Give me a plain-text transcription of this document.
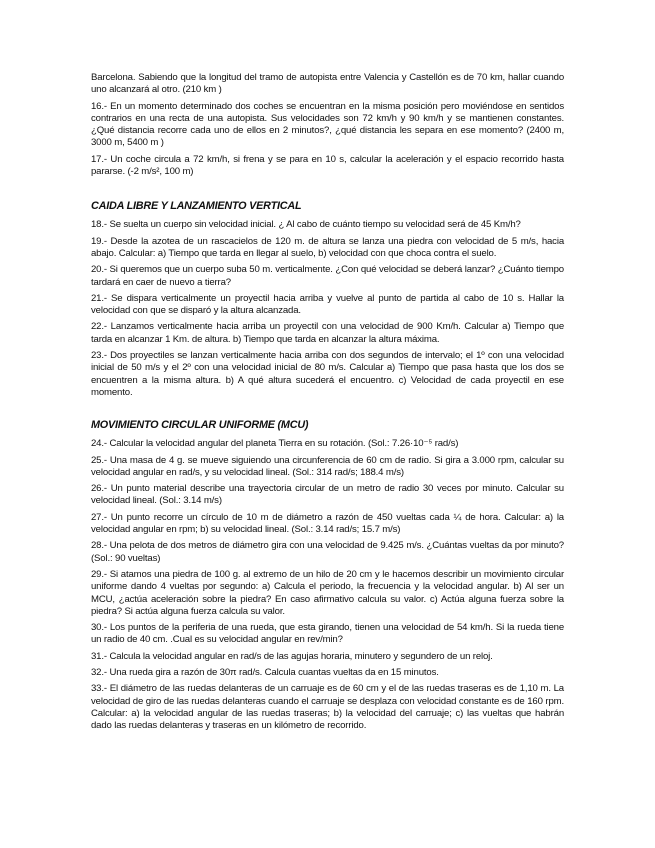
Barcelona. Sabiendo que la longitud del tramo de autopista entre Valencia y Castellón es de 70 km, hallar cuando uno alcanzará al otro. (210 km )

16.- En un momento determinado dos coches se encuentran en la misma posición pero moviéndose en sentidos contrarios en una recta de una autopista. Sus velocidades son 72 km/h y 90 km/h y se mantienen constantes. ¿Qué distancia recorre cada uno de ellos en 2 minutos?, ¿qué distancia les separa en ese momento? (2400 m, 3000 m, 5400 m )

17.- Un coche circula a 72 km/h, si frena y se para en 10 s, calcular la aceleración y el espacio recorrido hasta pararse. (-2 m/s², 100 m)

CAIDA LIBRE Y LANZAMIENTO VERTICAL

18.- Se suelta un cuerpo sin velocidad inicial. ¿ Al cabo de cuánto tiempo su velocidad será de 45 Km/h?

19.- Desde la azotea de un rascacielos de 120 m. de altura se lanza una piedra con velocidad de 5 m/s, hacia abajo. Calcular: a) Tiempo que tarda en llegar al suelo, b) velocidad con que choca contra el suelo.

20.- Si queremos que un cuerpo suba 50 m. verticalmente. ¿Con qué velocidad se deberá lanzar? ¿Cuánto tiempo tardará en caer de nuevo a tierra?

21.- Se dispara verticalmente un proyectil hacia arriba y vuelve al punto de partida al cabo de 10 s. Hallar la velocidad con que se disparó y la altura alcanzada.

22.- Lanzamos verticalmente hacia arriba un proyectil con una velocidad de 900 Km/h. Calcular a) Tiempo que tarda en alcanzar 1 Km. de altura. b) Tiempo que tarda en alcanzar la altura máxima.

23.- Dos proyectiles se lanzan verticalmente hacia arriba con dos segundos de intervalo; el 1º con una velocidad inicial de 50 m/s y el 2º con una velocidad inicial de 80 m/s. Calcular a) Tiempo que pasa hasta que los dos se encuentren a la misma altura. b) A qué altura sucederá el encuentro. c) Velocidad de cada proyectil en ese momento.

MOVIMIENTO CIRCULAR UNIFORME (MCU)

24.- Calcular la velocidad angular del planeta Tierra en su rotación. (Sol.: 7.26·10⁻⁵ rad/s)

25.- Una masa de 4 g. se mueve siguiendo una circunferencia de 60 cm de radio. Si gira a 3.000 rpm, calcular su velocidad angular en rad/s, y su velocidad lineal. (Sol.: 314 rad/s; 188.4 m/s)

26.- Un punto material describe una trayectoria circular de un metro de radio 30 veces por minuto. Calcular su velocidad lineal. (Sol.: 3.14 m/s)

27.- Un punto recorre un círculo de 10 m de diámetro a razón de 450 vueltas cada ¼ de hora. Calcular: a) la velocidad angular en rpm; b) su velocidad lineal. (Sol.: 3.14 rad/s; 15.7 m/s)

28.- Una pelota de dos metros de diámetro gira con una velocidad de 9.425 m/s. ¿Cuántas vueltas da por minuto? (Sol.: 90 vueltas)

29.- Si atamos una piedra de 100 g. al extremo de un hilo de 20 cm y le hacemos describir un movimiento circular uniforme dando 4 vueltas por segundo: a) Calcula el periodo, la frecuencia y la velocidad angular. b) Al ser un MCU, ¿actúa aceleración sobre la piedra? En caso afirmativo calcula su valor. c) Actúa alguna fuerza sobre la piedra? Si actúa alguna fuerza calcula su valor.

30.- Los puntos de la periferia de una rueda, que esta girando, tienen una velocidad de 54 km/h. Si la rueda tiene un radio de 40 cm. .Cual es su velocidad angular en rev/min?

31.- Calcula la velocidad angular en rad/s de las agujas horaria, minutero y segundero de un reloj.

32.- Una rueda gira a razón de 30π rad/s. Calcula cuantas vueltas da en 15 minutos.

33.- El diámetro de las ruedas delanteras de un carruaje es de 60 cm y el de las ruedas traseras es de 1,10 m. La velocidad de giro de las ruedas delanteras cuando el carruaje se desplaza con velocidad constante es de 160 rpm. Calcular: a) la velocidad angular de las ruedas traseras; b) la velocidad del carruaje; c) las vueltas que habrán dado las ruedas delanteras y traseras en un kilómetro de recorrido.
